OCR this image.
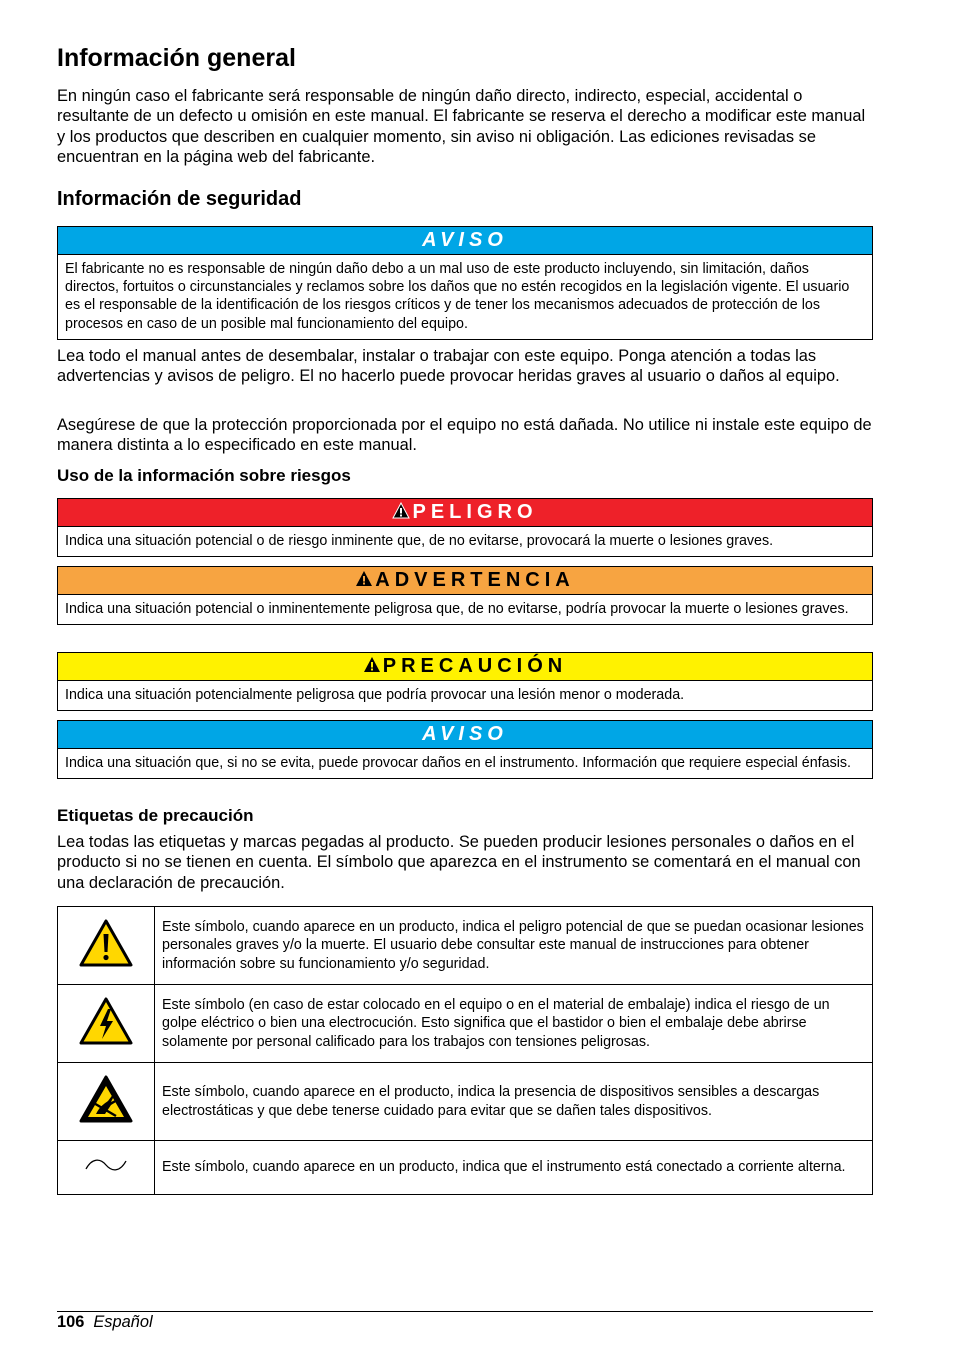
Información general

En ningún caso el fabricante será responsable de ningún daño directo, indirecto, especial, accidental o resultante de un defecto u omisión en este manual. El fabricante se reserva el derecho a modificar este manual y los productos que describen en cualquier momento, sin aviso ni obligación. Las ediciones revisadas se encuentran en la página web del fabricante.

Información de seguridad
AVISO
El fabricante no es responsable de ningún daño debo a un mal uso de este producto incluyendo, sin limitación, daños directos, fortuitos o circunstanciales y reclamos sobre los daños que no estén recogidos en la legislación vigente. El usuario es el responsable de la identificación de los riesgos críticos y de tener los mecanismos adecuados de protección de los procesos en caso de un posible mal funcionamiento del equipo.

Lea todo el manual antes de desembalar, instalar o trabajar con este equipo. Ponga atención a todas las advertencias y avisos de peligro. El no hacerlo puede provocar heridas graves al usuario o daños al equipo.

Asegúrese de que la protección proporcionada por el equipo no está dañada. No utilice ni instale este equipo de manera distinta a lo especificado en este manual.

Uso de la información sobre riesgos
PELIGRO
Indica una situación potencial o de riesgo inminente que, de no evitarse, provocará la muerte o lesiones graves.
ADVERTENCIA
Indica una situación potencial o inminentemente peligrosa que, de no evitarse, podría provocar la muerte o lesiones graves.
PRECAUCIÓN
Indica una situación potencialmente peligrosa que podría provocar una lesión menor o moderada.
AVISO
Indica una situación que, si no se evita, puede provocar daños en el instrumento. Información que requiere especial énfasis.
Etiquetas de precaución

Lea todas las etiquetas y marcas pegadas al producto. Se pueden producir lesiones personales o daños en el producto si no se tienen en cuenta. El símbolo que aparezca en el instrumento se comentará en el manual con una declaración de precaución.

	Este símbolo, cuando aparece en un producto, indica el peligro potencial de que se puedan ocasionar lesiones personales graves y/o la muerte. El usuario debe consultar este manual de instrucciones para obtener información sobre su funcionamiento y/o seguridad.
	Este símbolo (en caso de estar colocado en el equipo o en el material de embalaje) indica el riesgo de un golpe eléctrico o bien una electrocución. Esto significa que el bastidor o bien el embalaje debe abrirse solamente por personal calificado para los trabajos con tensiones peligrosas.
	Este símbolo, cuando aparece en el producto, indica la presencia de dispositivos sensibles a descargas electrostáticas y que debe tenerse cuidado para evitar que se dañen tales dispositivos.
	Este símbolo, cuando aparece en un producto, indica que el instrumento está conectado a corriente alterna.
106 Español
